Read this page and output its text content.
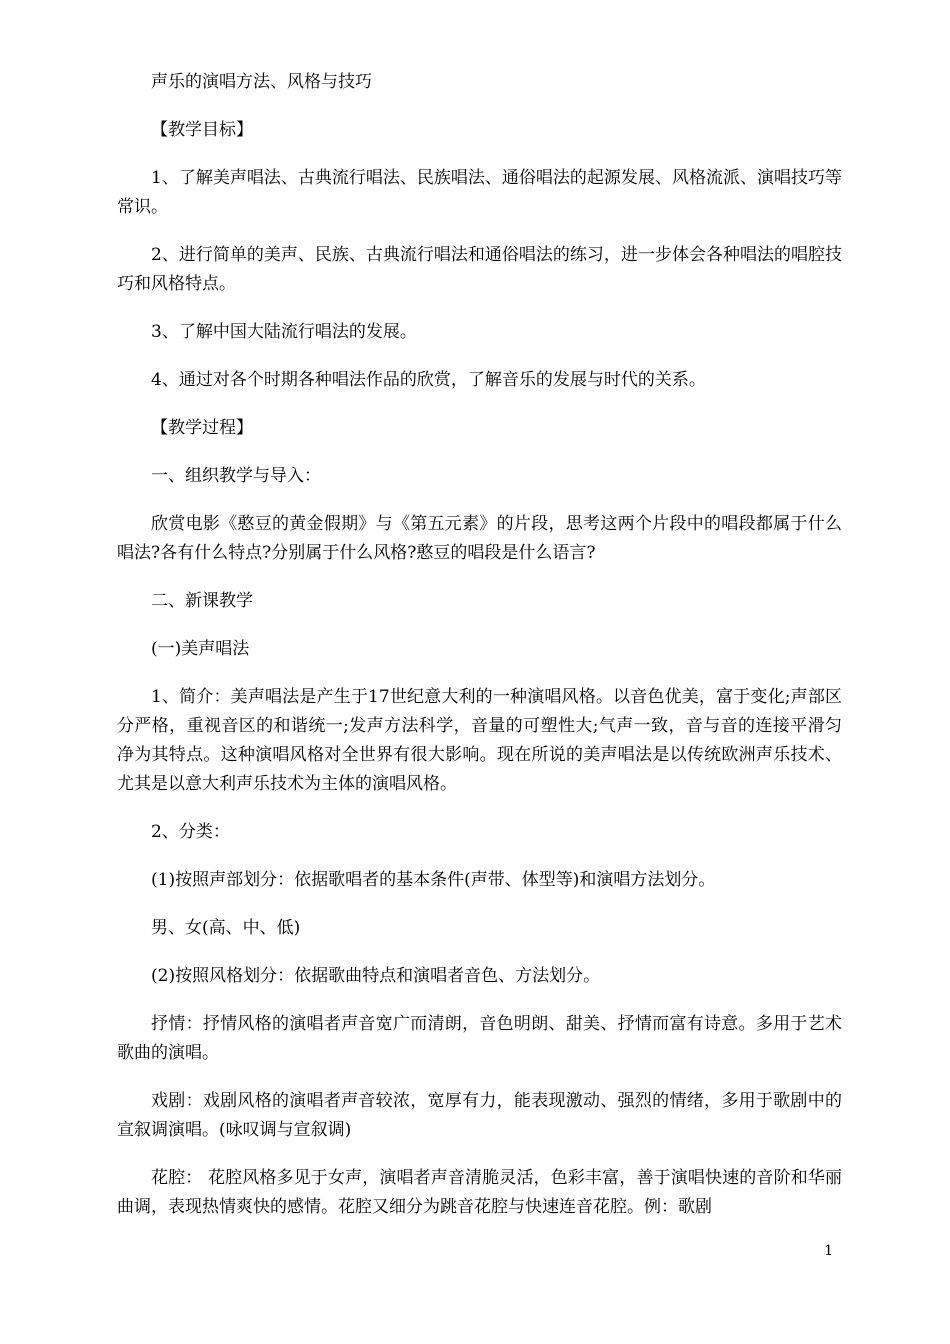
声乐的演唱方法、风格与技巧

【教学目标】

1、了解美声唱法、古典流行唱法、民族唱法、通俗唱法的起源发展、风格流派、演唱技巧等常识。

2、进行简单的美声、民族、古典流行唱法和通俗唱法的练习，进一步体会各种唱法的唱腔技巧和风格特点。

3、了解中国大陆流行唱法的发展。

4、通过对各个时期各种唱法作品的欣赏，了解音乐的发展与时代的关系。

【教学过程】

一、组织教学与导入：

欣赏电影《憨豆的黄金假期》与《第五元素》的片段，思考这两个片段中的唱段都属于什么唱法?各有什么特点?分别属于什么风格?憨豆的唱段是什么语言?

二、新课教学

(一)美声唱法

1、简介：美声唱法是产生于17世纪意大利的一种演唱风格。以音色优美，富于变化;声部区分严格，重视音区的和谐统一;发声方法科学，音量的可塑性大;气声一致，音与音的连接平滑匀净为其特点。这种演唱风格对全世界有很大影响。现在所说的美声唱法是以传统欧洲声乐技术、尤其是以意大利声乐技术为主体的演唱风格。

2、分类：

(1)按照声部划分：依据歌唱者的基本条件(声带、体型等)和演唱方法划分。

男、女(高、中、低)

(2)按照风格划分：依据歌曲特点和演唱者音色、方法划分。

抒情：抒情风格的演唱者声音宽广而清朗，音色明朗、甜美、抒情而富有诗意。多用于艺术歌曲的演唱。

戏剧：戏剧风格的演唱者声音较浓，宽厚有力，能表现激动、强烈的情绪，多用于歌剧中的宣叙调演唱。(咏叹调与宣叙调)

花腔： 花腔风格多见于女声，演唱者声音清脆灵活，色彩丰富，善于演唱快速的音阶和华丽曲调，表现热情爽快的感情。花腔又细分为跳音花腔与快速连音花腔。例：歌剧

1
